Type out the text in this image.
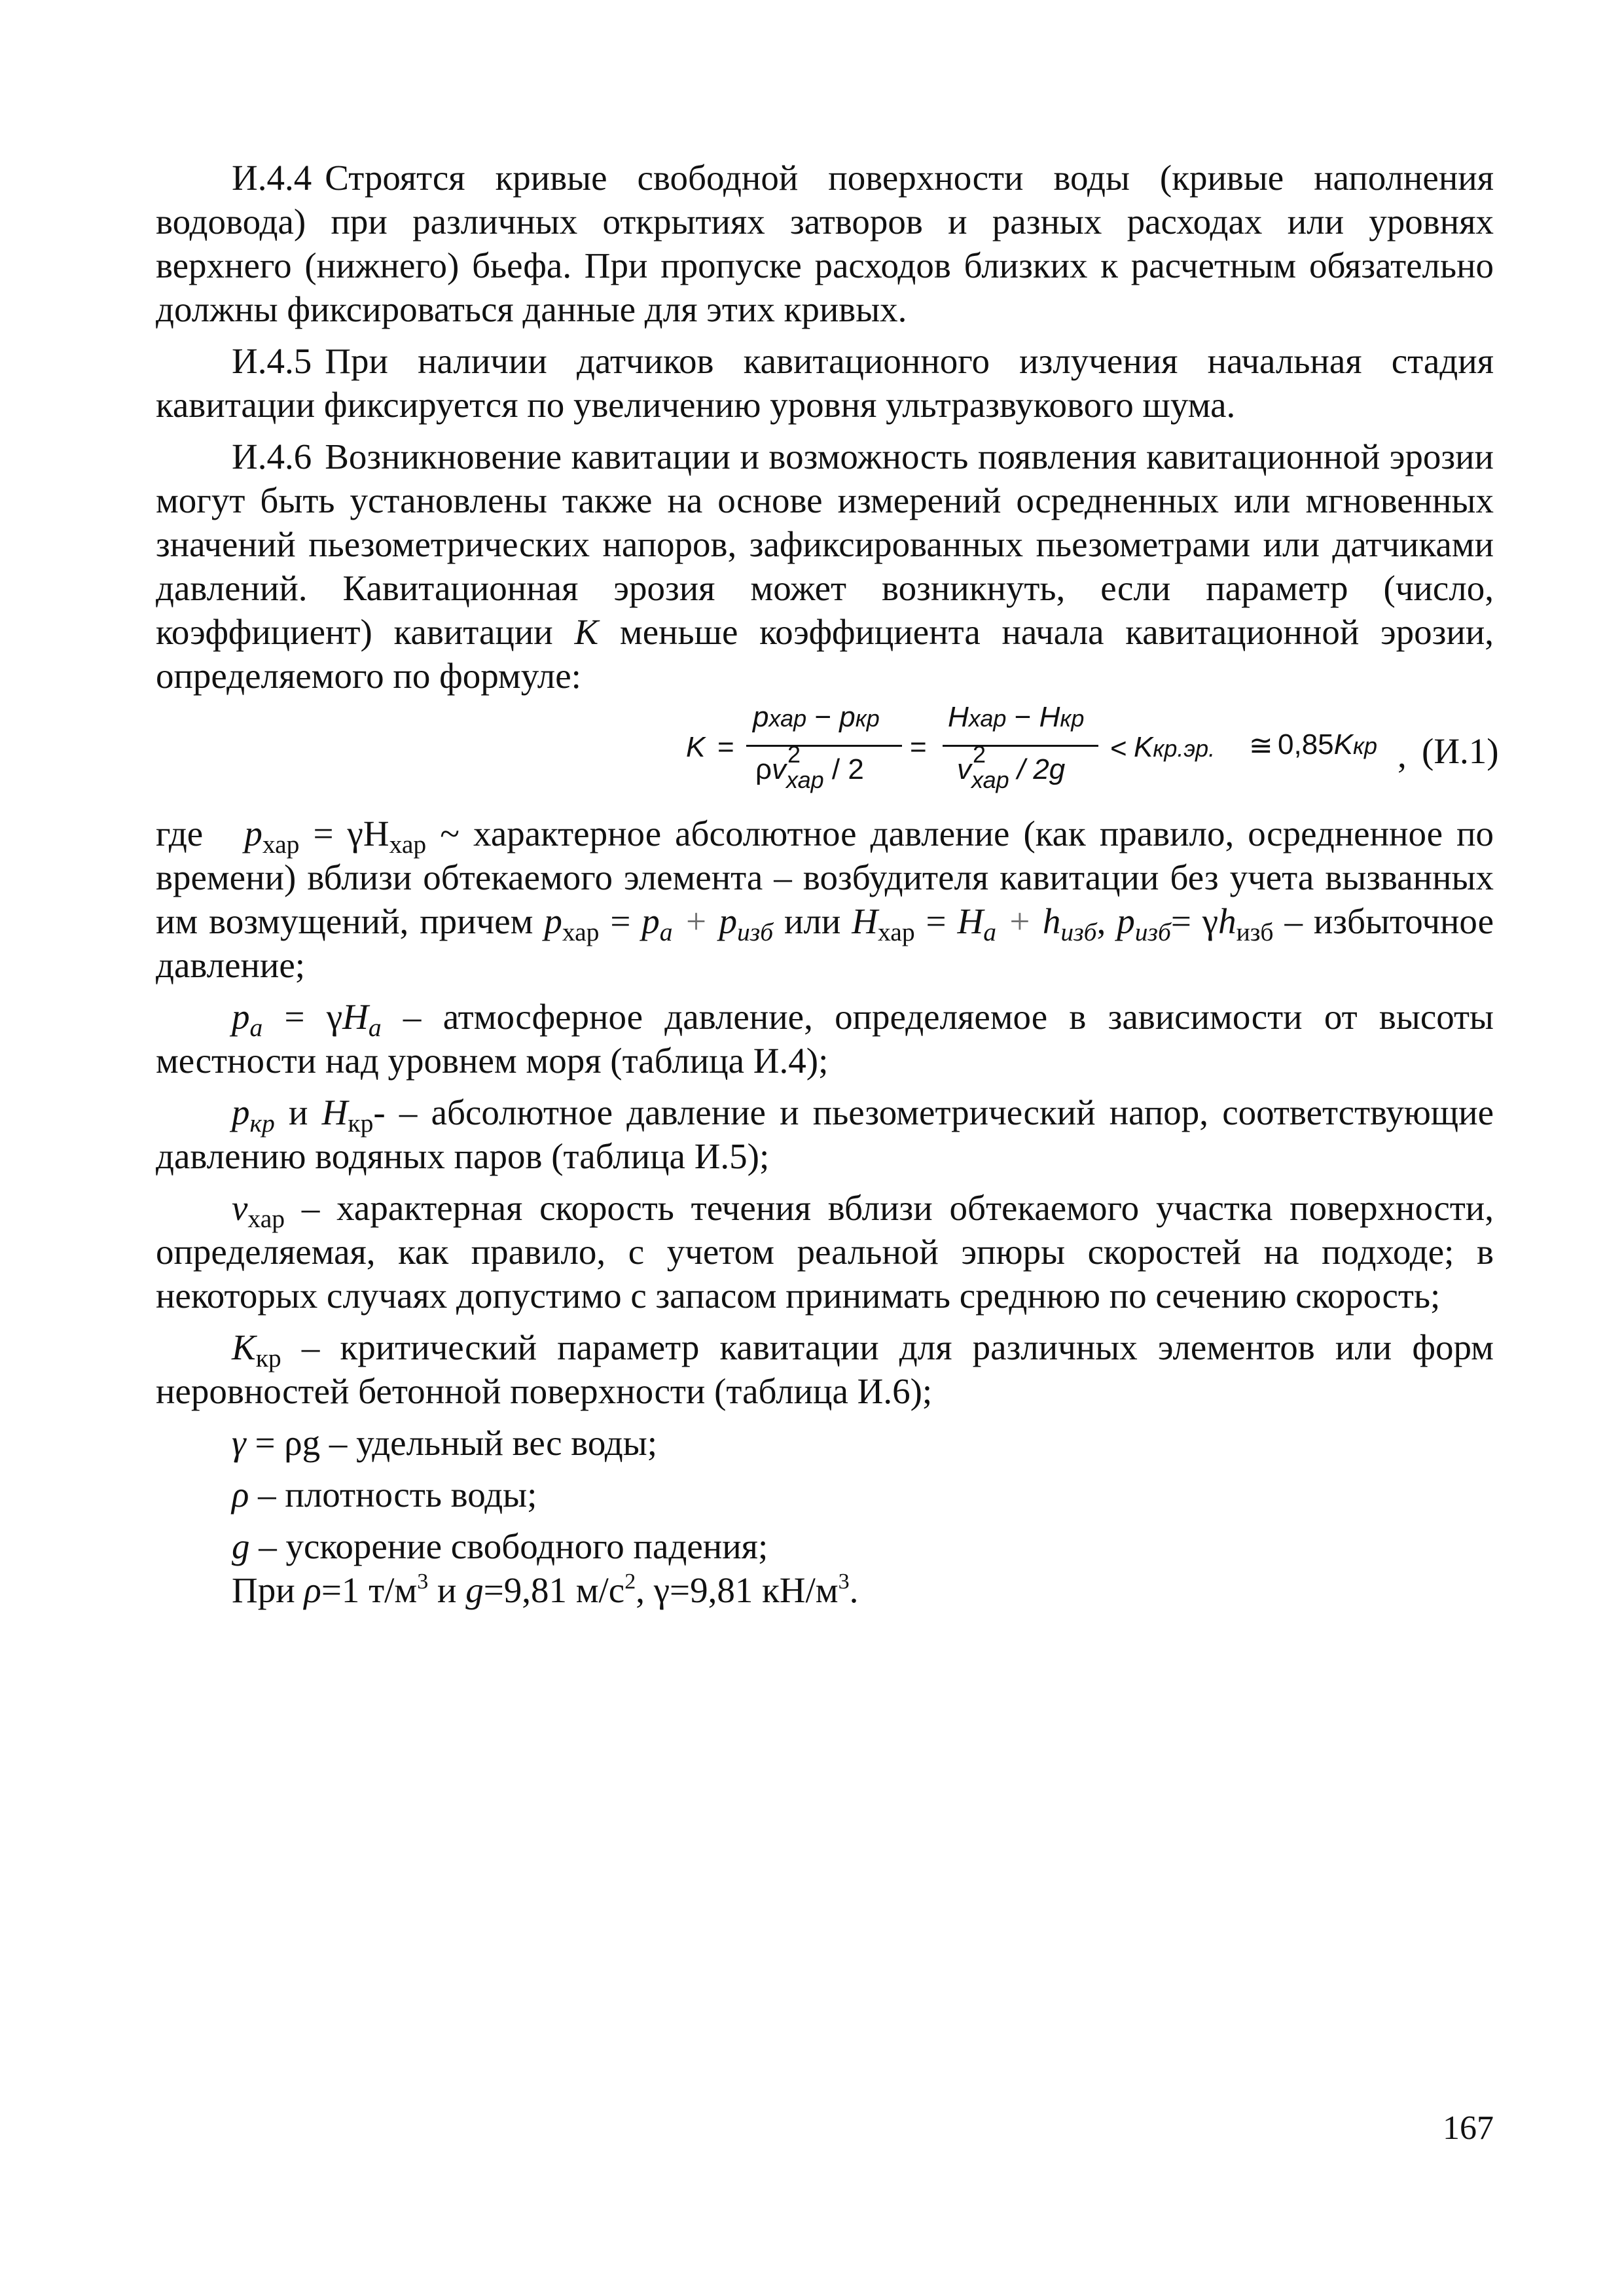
И.4.4 Строятся кривые свободной поверхности воды (кривые наполнения водовода) при различных открытиях затворов и разных расходах или уровнях верхнего (нижнего) бьефа. При пропуске расходов близких к расчетным обязательно должны фиксироваться данные для этих кривых.

И.4.5 При наличии датчиков кавитационного излучения начальная стадия кавитации фиксируется по увеличению уровня ультразвукового шума.

И.4.6 Возникновение кавитации и возможность появления кавитационной эрозии могут быть установлены также на основе измерений осредненных или мгновенных значений пьезометрических напоров, зафиксированных пьезометрами или датчиками давлений. Кавитационная эрозия может возникнуть, если параметр (число, коэффициент) кавитации K меньше коэффициента начала кавитационной эрозии, определяемого по формуле:

K =
pхар − pкр
ρv 2
$_{хар}$ / 2
=
Hхар − Hкр
v 2
$_{хар}$ / 2g
< Kкр.эр. ≅ 0,85Kкр , (И.1)

где $p_{хар} = \gamma Н_{хар}$ ~ характерное абсолютное давление (как правило, осредненное по времени) вблизи обтекаемого элемента – возбудителя кавитации без учета вызванных им возмущений, причем $p_{хар} = p_a + p_{изб}$ или $H_{хар} = H_a + h_{изб}$, $p_{изб}= \gamma h_{изб}$ – избыточное давление;

$p_a = \gamma H_a$ – атмосферное давление, определяемое в зависимости от высоты местности над уровнем моря (таблица И.4);

$p_{кр}$ и $H_{кр}-$ – абсолютное давление и пьезометрический напор, соответствующие давлению водяных паров (таблица И.5);

$v_{хар}$ – характерная скорость течения вблизи обтекаемого участка поверхности, определяемая, как правило, с учетом реальной эпюры скоростей на подходе; в некоторых случаях допустимо с запасом принимать среднюю по сечению скорость;

$K_{кр}$ – критический параметр кавитации для различных элементов или форм неровностей бетонной поверхности (таблица И.6);

γ = ρg – удельный вес воды;

ρ – плотность воды;

g – ускорение свободного падения;

При ρ=1 $т/м^3$ и g=9,81 $м/с^2$, γ=9,81 $кН/м^3$.

167
